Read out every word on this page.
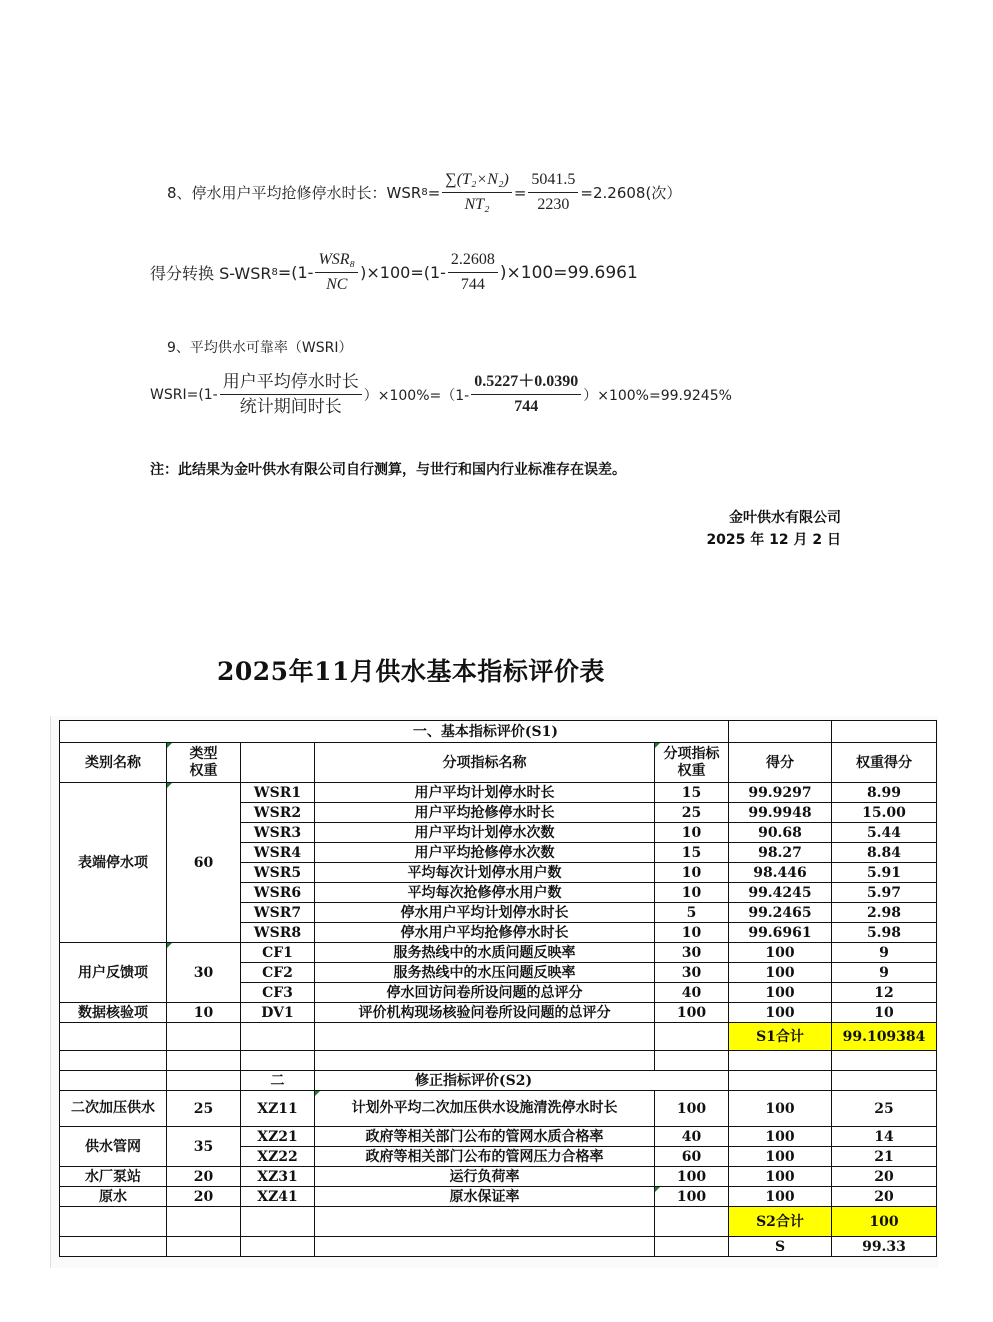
8、停水用户平均抢修停水时长：WSR $8 = \frac{\text{∑(T₂×N₂)}}{\text{NT₂}} = \frac{5041.5}{2230} =2.2608$(次）
得分转换 S-WSR $8 =(1- \frac{\text{WSR₈}}{NC} )\times 100=(1- \frac{2.2608}{744} )\times 100=99.6961$
9、平均供水可靠率（WSRI）
WSRI=(1- $\frac{\text{用户平均停水时长}}{\text{统计期间时长}} )\times 100\%=(1- \frac{0.5227+0.0390}{744} )\times 100\%=99.9245\%$
注：此结果为金叶供水有限公司自行测算，与世行和国内行业标准存在误差。
金叶供水有限公司
2025 年 12 月 2 日
2025年11月供水基本指标评价表
一、基本指标评价(S1)						
类别名称	类型权重		分项指标名称	分项指标权重	得分	权重得分
表端停水项	60	WSR1	用户平均计划停水时长	15	99.9297	8.99
		WSR2	用户平均抢修停水时长	25	99.9948	15.00
		WSR3	用户平均计划停水次数	10	90.68	5.44
		WSR4	用户平均抢修停水次数	15	98.27	8.84
		WSR5	平均每次计划停水用户数	10	98.446	5.91
		WSR6	平均每次抢修停水用户数	10	99.4245	5.97
		WSR7	停水用户平均计划停水时长	5	99.2465	2.98
		WSR8	停水用户平均抢修停水时长	10	99.6961	5.98
用户反馈项	30	CF1	服务热线中的水质问题反映率	30	100	9
		CF2	服务热线中的水压问题反映率	30	100	9
		CF3	停水回访问卷所设问题的总评分	40	100	12
数据核验项	10	DV1	评价机构现场核验问卷所设问题的总评分	100	100	10
					S1合计	99.109384

		二	修正指标评价(S2)			
二次加压供水	25	XZ11	计划外平均二次加压供水设施清洗停水时长	100	100	25
供水管网	35	XZ21	政府等相关部门公布的管网水质合格率	40	100	14
		XZ22	政府等相关部门公布的管网压力合格率	60	100	21
水厂泵站	20	XZ31	运行负荷率	100	100	20
原水	20	XZ41	原水保证率	100	100	20
					S2合计	100
					S	99.33
